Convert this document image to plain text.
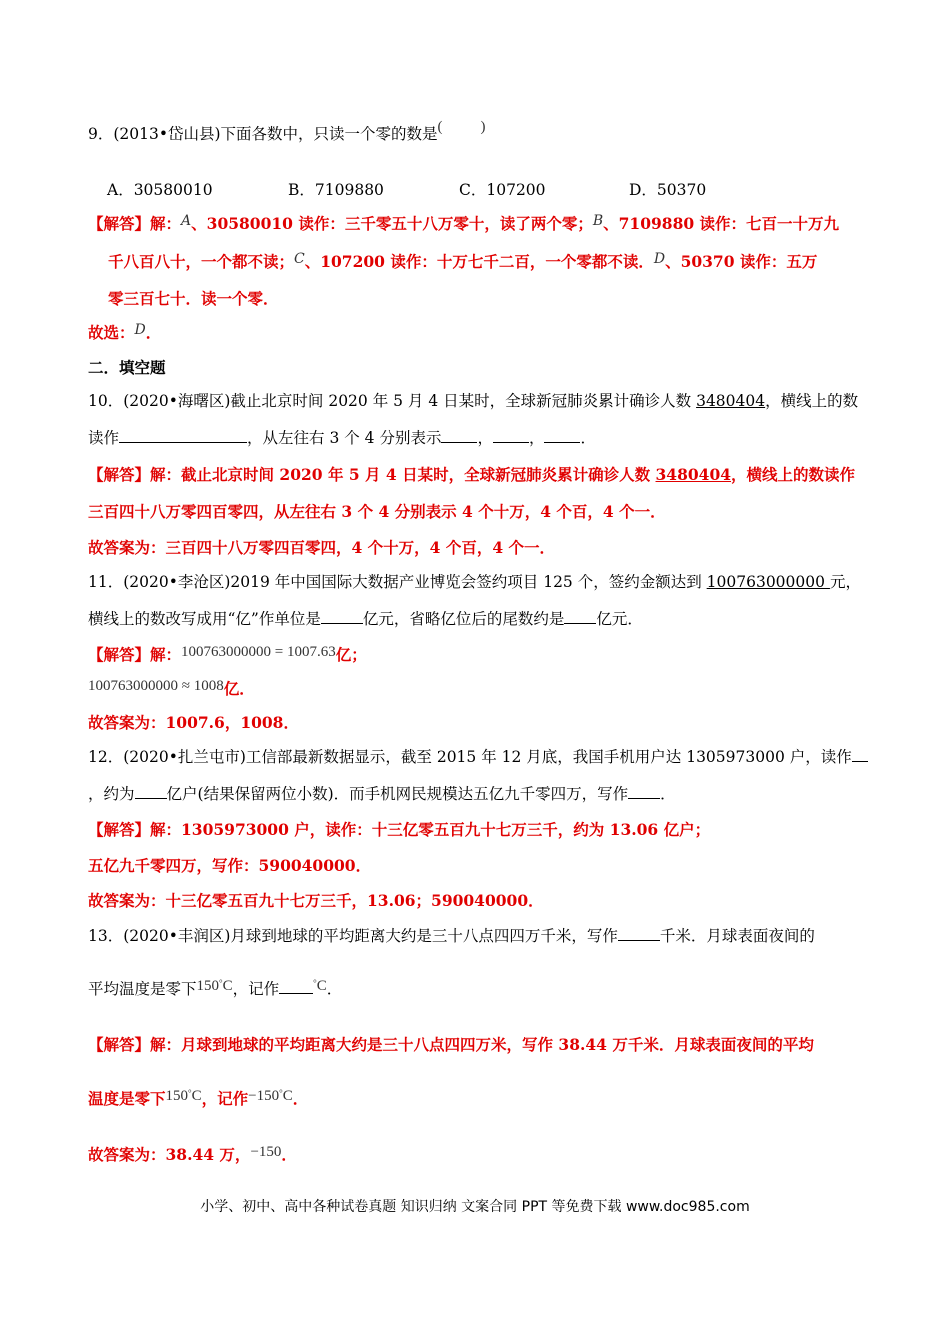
9．(2013•岱山县)下面各数中，只读一个零的数是(	)
A．30580010	B．7109880	C．107200	D．50370
【解答】解：A、30580010 读作：三千零五十八万零十，读了两个零；B、7109880 读作：七百一十万九
千八百八十，一个都不读；C、107200 读作：十万七千二百，一个零都不读．D、50370 读作：五万
零三百七十．读一个零．
故选：D．
二．填空题
10．(2020•海曙区)截止北京时间 2020 年 5 月 4 日某时，全球新冠肺炎累计确诊人数 3480404，横线上的数
读作	，从左往右 3 个 4 分别表示 ， ， ．
【解答】解：截止北京时间 2020 年 5 月 4 日某时，全球新冠肺炎累计确诊人数 3480404，横线上的数读作
三百四十八万零四百零四，从左往右 3 个 4 分别表示 4 个十万，4 个百，4 个一．
故答案为：三百四十八万零四百零四，4 个十万，4 个百，4 个一．
11．(2020•李沧区)2019 年中国国际大数据产业博览会签约项目 125 个，签约金额达到 100763000000 元，
横线上的数改写成用“亿”作单位是	亿元，省略亿位后的尾数约是 亿元．
【解答】解：100763000000 = 1007.63亿；
100763000000 ≈ 1008亿．
故答案为：1007.6，1008．
12．(2020•扎兰屯市)工信部最新数据显示，截至 2015 年 12 月底，我国手机用户达 1305973000 户，读作
，约为 亿户(结果保留两位小数)．而手机网民规模达五亿九千零四万，写作 ．
【解答】解：1305973000 户，读作：十三亿零五百九十七万三千，约为 13.06 亿户；
五亿九千零四万，写作：590040000．
故答案为：十三亿零五百九十七万三千，13.06；590040000．
13．(2020•丰润区)月球到地球的平均距离大约是三十八点四四万千米，写作	千米．月球表面夜间的
平均温度是零下150°C，记作	°C．
【解答】解：月球到地球的平均距离大约是三十八点四四万米，写作 38.44 万千米．月球表面夜间的平均
温度是零下150°C，记作−150°C．
故答案为：38.44 万，−150．
小学、初中、高中各种试卷真题 知识归纳 文案合同 PPT 等免费下载 www.doc985.com
